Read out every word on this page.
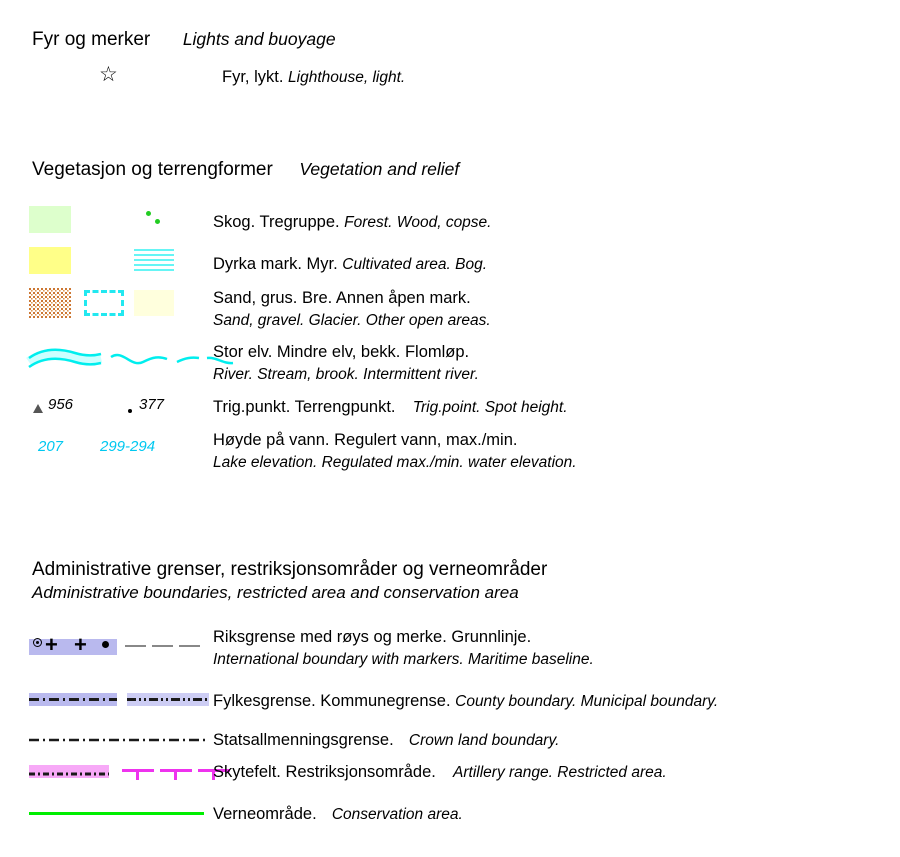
Fyr og merker Lights and buoyage
☆	Fyr, lykt. Lighthouse, light.
Vegetasjon og terrengformer Vegetation and relief
Skog. Tregruppe. Forest. Wood, copse.
Dyrka mark. Myr. Cultivated area. Bog.
Sand, grus. Bre. Annen åpen mark.
Sand, gravel. Glacier. Other open areas.
Stor elv. Mindre elv, bekk. Flomløp.
River. Stream, brook. Intermittent river.
956	377	Trig.punkt. Terrengpunkt. Trig.point. Spot height.
207 299-294	Høyde på vann. Regulert vann, max./min.
Lake elevation. Regulated max./min. water elevation.
Administrative grenser, restriksjonsområder og verneområder
Administrative boundaries, restricted area and conservation area
+ +	Riksgrense med røys og merke. Grunnlinje.
International boundary with markers. Maritime baseline.
Fylkesgrense. Kommunegrense. County boundary. Municipal boundary.
Statsallmenningsgrense. Crown land boundary.
Skytefelt. Restriksjonsområde. Artillery range. Restricted area.
Verneområde. Conservation area.
